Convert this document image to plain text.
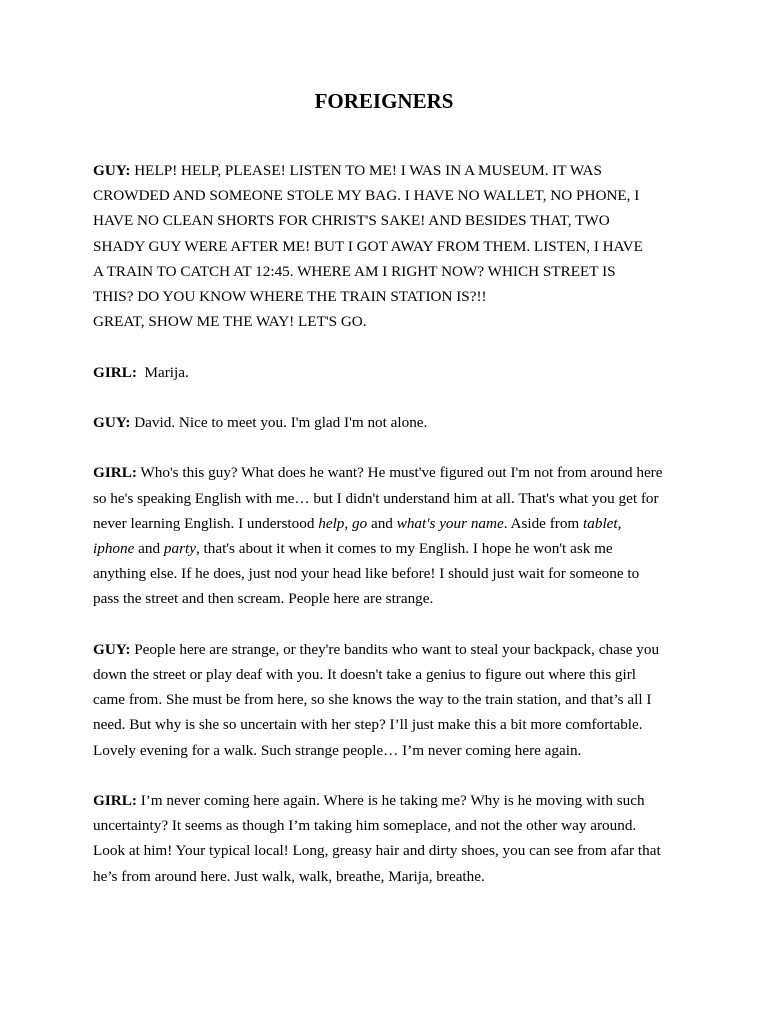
FOREIGNERS

GUY: HELP! HELP, PLEASE! LISTEN TO ME! I WAS IN A MUSEUM. IT WAS
CROWDED AND SOMEONE STOLE MY BAG. I HAVE NO WALLET, NO PHONE, I
HAVE NO CLEAN SHORTS FOR CHRIST'S SAKE! AND BESIDES THAT, TWO
SHADY GUY WERE AFTER ME! BUT I GOT AWAY FROM THEM. LISTEN, I HAVE
A TRAIN TO CATCH AT 12:45. WHERE AM I RIGHT NOW? WHICH STREET IS
THIS? DO YOU KNOW WHERE THE TRAIN STATION IS?!!
GREAT, SHOW ME THE WAY! LET'S GO.

GIRL: Marija.

GUY: David. Nice to meet you. I'm glad I'm not alone.

GIRL: Who's this guy? What does he want? He must've figured out I'm not from around here
so he's speaking English with me… but I didn't understand him at all. That's what you get for
never learning English. I understood help, go and what's your name. Aside from tablet,
iphone and party, that's about it when it comes to my English. I hope he won't ask me
anything else. If he does, just nod your head like before! I should just wait for someone to
pass the street and then scream. People here are strange.

GUY: People here are strange, or they're bandits who want to steal your backpack, chase you
down the street or play deaf with you. It doesn't take a genius to figure out where this girl
came from. She must be from here, so she knows the way to the train station, and that’s all I
need. But why is she so uncertain with her step? I’ll just make this a bit more comfortable.
Lovely evening for a walk. Such strange people… I’m never coming here again.

GIRL: I’m never coming here again. Where is he taking me? Why is he moving with such
uncertainty? It seems as though I’m taking him someplace, and not the other way around.
Look at him! Your typical local! Long, greasy hair and dirty shoes, you can see from afar that
he’s from around here. Just walk, walk, breathe, Marija, breathe.
